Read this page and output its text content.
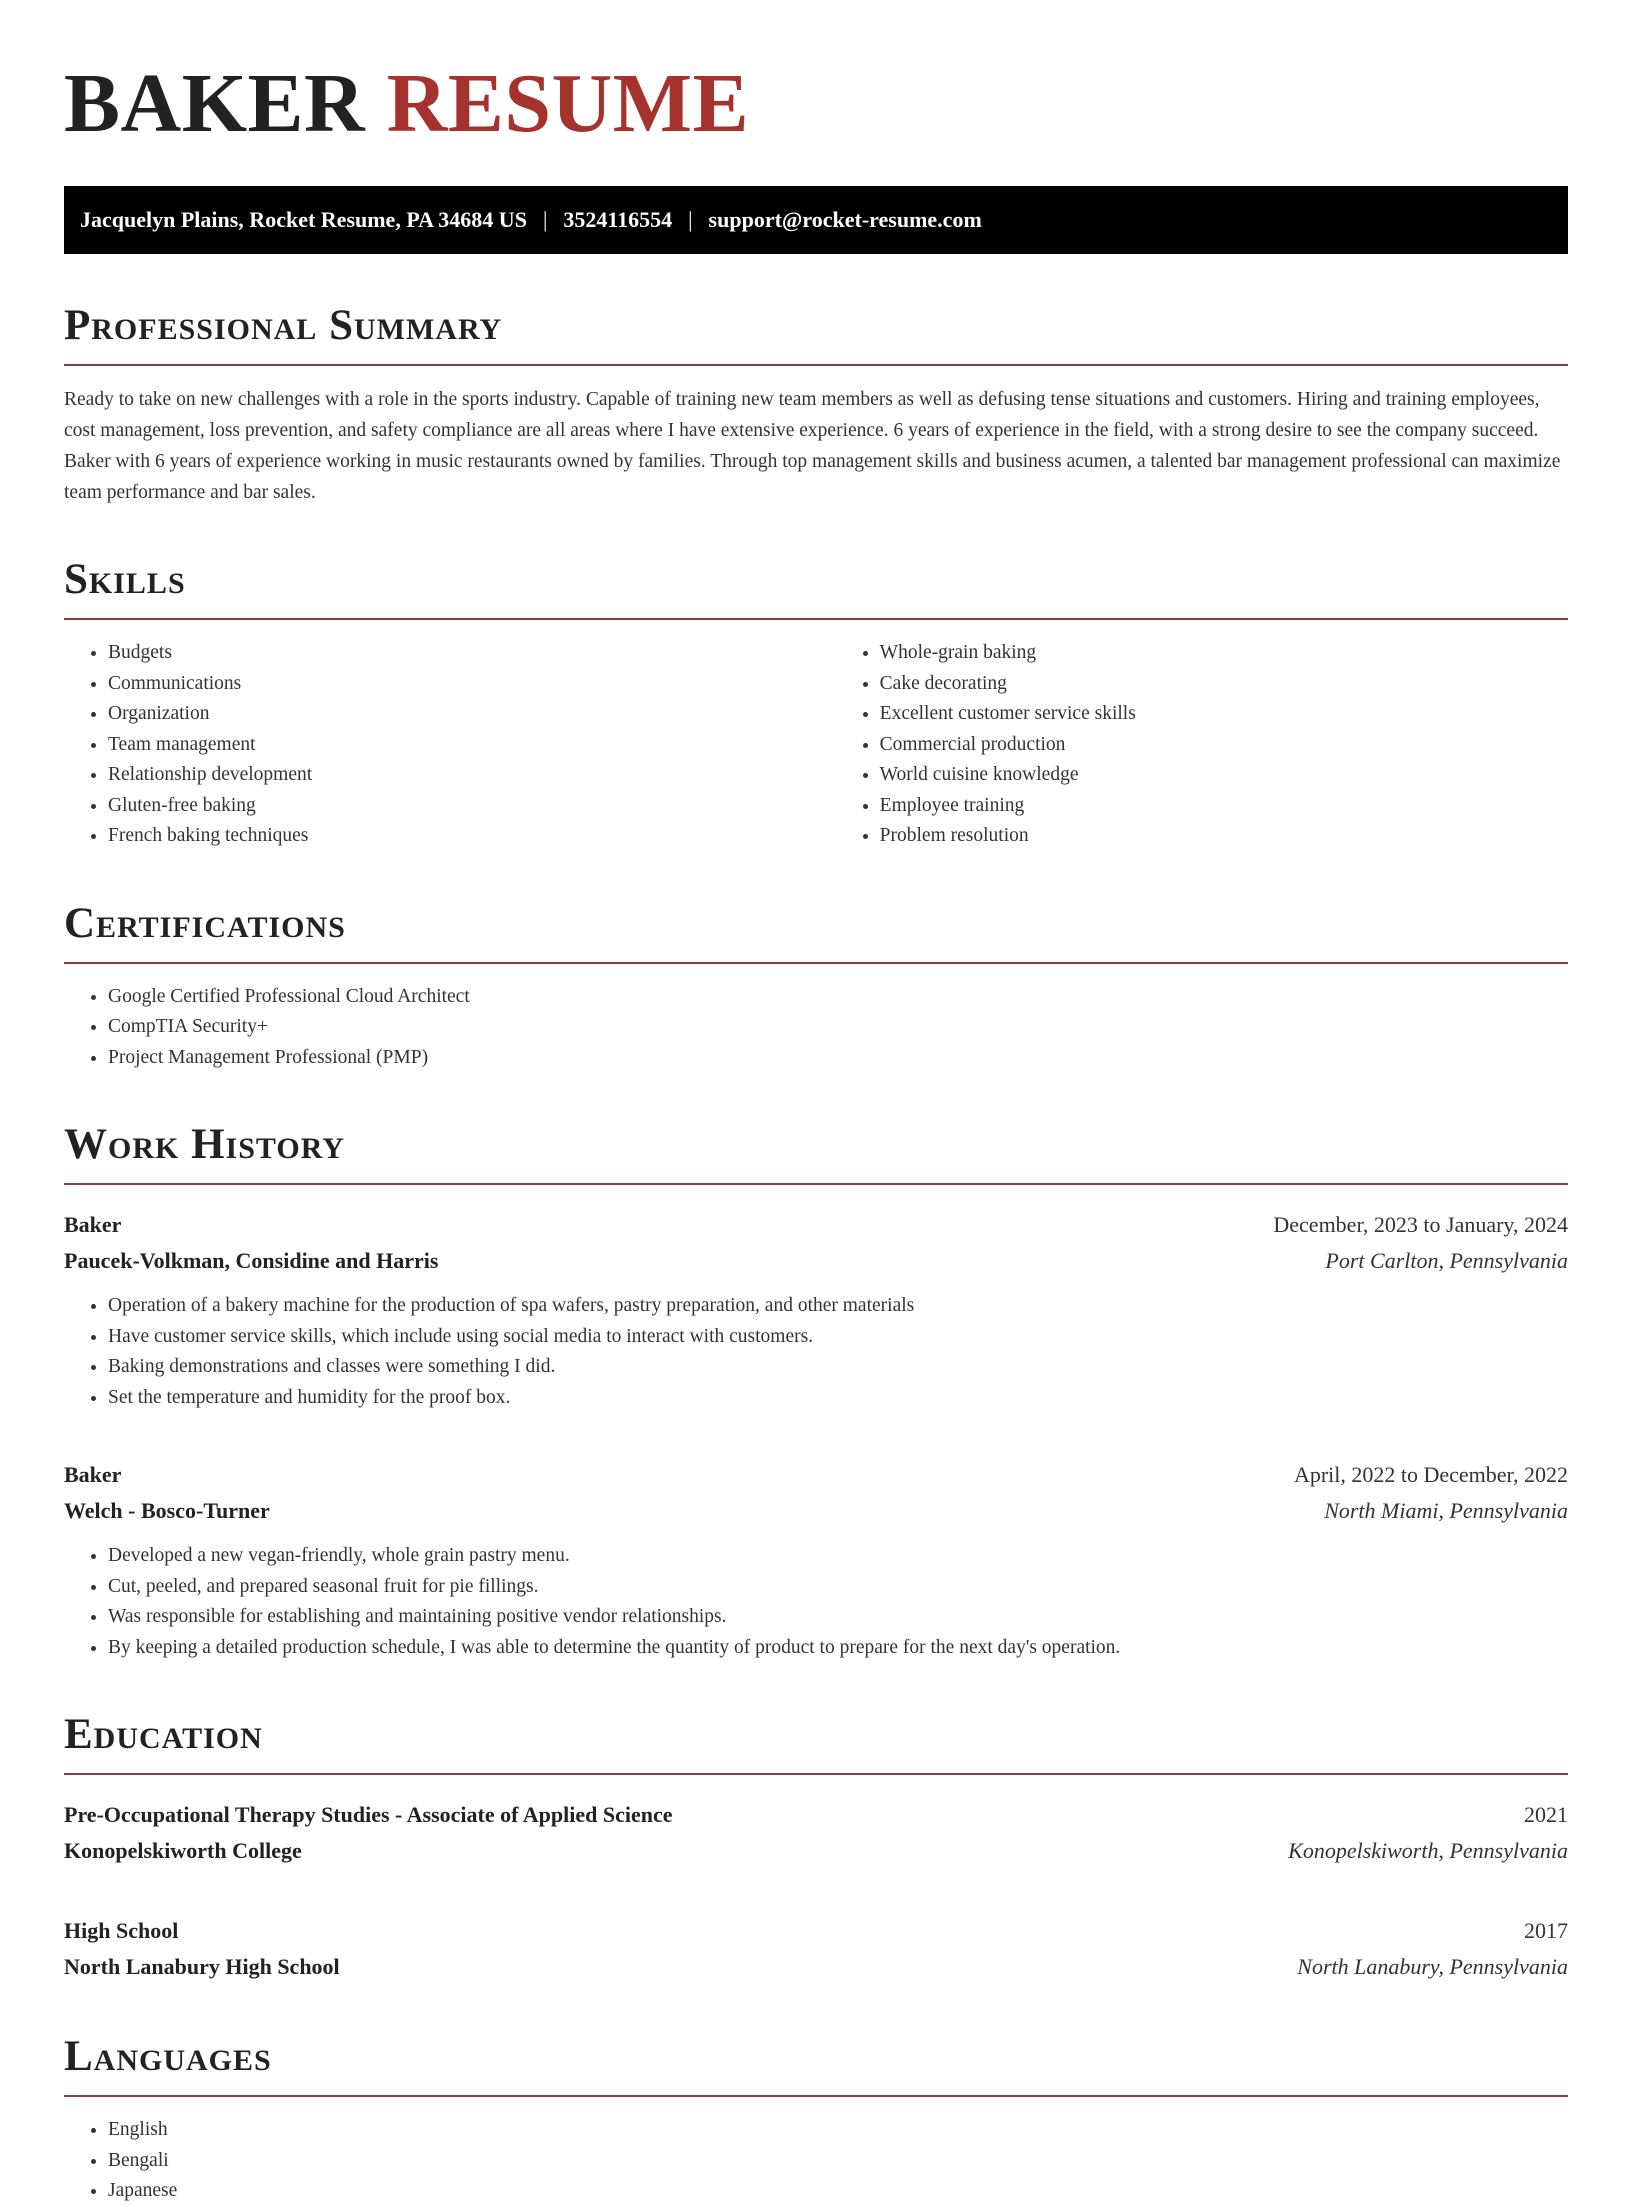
BAKER RESUME
Jacquelyn Plains, Rocket Resume, PA 34684 US | 3524116554 | support@rocket-resume.com
Professional Summary

Ready to take on new challenges with a role in the sports industry. Capable of training new team members as well as defusing tense situations and customers. Hiring and training employees, cost management, loss prevention, and safety compliance are all areas where I have extensive experience. 6 years of experience in the field, with a strong desire to see the company succeed. Baker with 6 years of experience working in music restaurants owned by families. Through top management skills and business acumen, a talented bar management professional can maximize team performance and bar sales.

Skills
• Budgets
• Communications
• Organization
• Team management
• Relationship development
• Gluten-free baking
• French baking techniques
• Whole-grain baking
• Cake decorating
• Excellent customer service skills
• Commercial production
• World cuisine knowledge
• Employee training
• Problem resolution
Certifications
• Google Certified Professional Cloud Architect
• CompTIA Security+
• Project Management Professional (PMP)
Work History
Baker	December, 2023 to January, 2024
Paucek-Volkman, Considine and Harris	Port Carlton, Pennsylvania
• Operation of a bakery machine for the production of spa wafers, pastry preparation, and other materials
• Have customer service skills, which include using social media to interact with customers.
• Baking demonstrations and classes were something I did.
• Set the temperature and humidity for the proof box.
Baker	April, 2022 to December, 2022
Welch - Bosco-Turner	North Miami, Pennsylvania
• Developed a new vegan-friendly, whole grain pastry menu.
• Cut, peeled, and prepared seasonal fruit for pie fillings.
• Was responsible for establishing and maintaining positive vendor relationships.
• By keeping a detailed production schedule, I was able to determine the quantity of product to prepare for the next day's operation.
Education
Pre-Occupational Therapy Studies - Associate of Applied Science	2021
Konopelskiworth College	Konopelskiworth, Pennsylvania
High School	2017
North Lanabury High School	North Lanabury, Pennsylvania
Languages
• English
• Bengali
• Japanese
